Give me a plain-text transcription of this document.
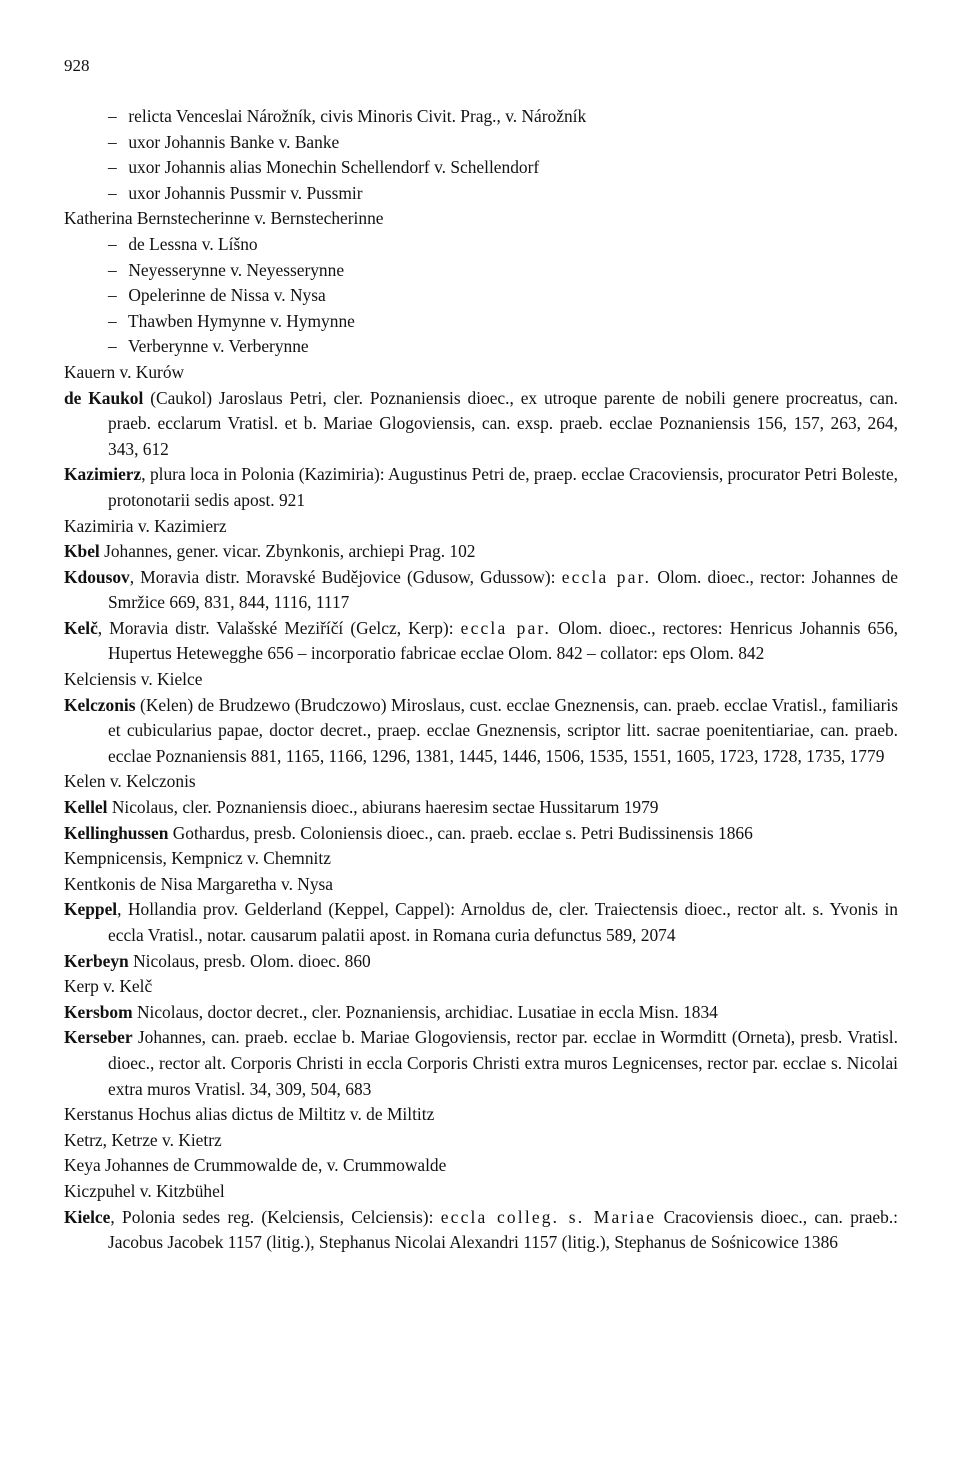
928

– relicta Venceslai Nárožník, civis Minoris Civit. Prag., v. Nárožník

– uxor Johannis Banke v. Banke

– uxor Johannis alias Monechin Schellendorf v. Schellendorf

– uxor Johannis Pussmir v. Pussmir

Katherina Bernstecherinne v. Bernstecherinne

– de Lessna v. Líšno

– Neyesserynne v. Neyesserynne

– Opelerinne de Nissa v. Nysa

– Thawben Hymynne v. Hymynne

– Verberynne v. Verberynne

Kauern v. Kurów

de Kaukol (Caukol) Jaroslaus Petri, cler. Poznaniensis dioec., ex utroque parente de nobili genere procreatus, can. praeb. ecclarum Vratisl. et b. Mariae Glogoviensis, can. exsp. praeb. ecclae Poznaniensis 156, 157, 263, 264, 343, 612

Kazimierz, plura loca in Polonia (Kazimiria): Augustinus Petri de, praep. ecclae Cracoviensis, procurator Petri Boleste, protonotarii sedis apost. 921

Kazimiria v. Kazimierz

Kbel Johannes, gener. vicar. Zbynkonis, archiepi Prag. 102

Kdousov, Moravia distr. Moravské Budějovice (Gdusow, Gdussow): eccla par. Olom. dioec., rector: Johannes de Smržice 669, 831, 844, 1116, 1117

Kelč, Moravia distr. Valašské Meziříčí (Gelcz, Kerp): eccla par. Olom. dioec., rectores: Henricus Johannis 656, Hupertus Hetewegghe 656 – incorporatio fabricae ecclae Olom. 842 – collator: eps Olom. 842

Kelciensis v. Kielce

Kelczonis (Kelen) de Brudzewo (Brudczowo) Miroslaus, cust. ecclae Gneznensis, can. praeb. ecclae Vratisl., familiaris et cubicularius papae, doctor decret., praep. ecclae Gneznensis, scriptor litt. sacrae poenitentiariae, can. praeb. ecclae Poznaniensis 881, 1165, 1166, 1296, 1381, 1445, 1446, 1506, 1535, 1551, 1605, 1723, 1728, 1735, 1779

Kelen v. Kelczonis

Kellel Nicolaus, cler. Poznaniensis dioec., abiurans haeresim sectae Hussitarum 1979

Kellinghussen Gothardus, presb. Coloniensis dioec., can. praeb. ecclae s. Petri Budissinensis 1866

Kempnicensis, Kempnicz v. Chemnitz

Kentkonis de Nisa Margaretha v. Nysa

Keppel, Hollandia prov. Gelderland (Keppel, Cappel): Arnoldus de, cler. Traiectensis dioec., rector alt. s. Yvonis in eccla Vratisl., notar. causarum palatii apost. in Romana curia defunctus 589, 2074

Kerbeyn Nicolaus, presb. Olom. dioec. 860

Kerp v. Kelč

Kersbom Nicolaus, doctor decret., cler. Poznaniensis, archidiac. Lusatiae in eccla Misn. 1834

Kerseber Johannes, can. praeb. ecclae b. Mariae Glogoviensis, rector par. ecclae in Wormditt (Orneta), presb. Vratisl. dioec., rector alt. Corporis Christi in eccla Corporis Christi extra muros Legnicenses, rector par. ecclae s. Nicolai extra muros Vratisl. 34, 309, 504, 683

Kerstanus Hochus alias dictus de Miltitz v. de Miltitz

Ketrz, Ketrze v. Kietrz

Keya Johannes de Crummowalde de, v. Crummowalde

Kiczpuhel v. Kitzbühel

Kielce, Polonia sedes reg. (Kelciensis, Celciensis): eccla colleg. s. Mariae Cracoviensis dioec., can. praeb.: Jacobus Jacobek 1157 (litig.), Stephanus Nicolai Alexandri 1157 (litig.), Stephanus de Sośnicowice 1386
